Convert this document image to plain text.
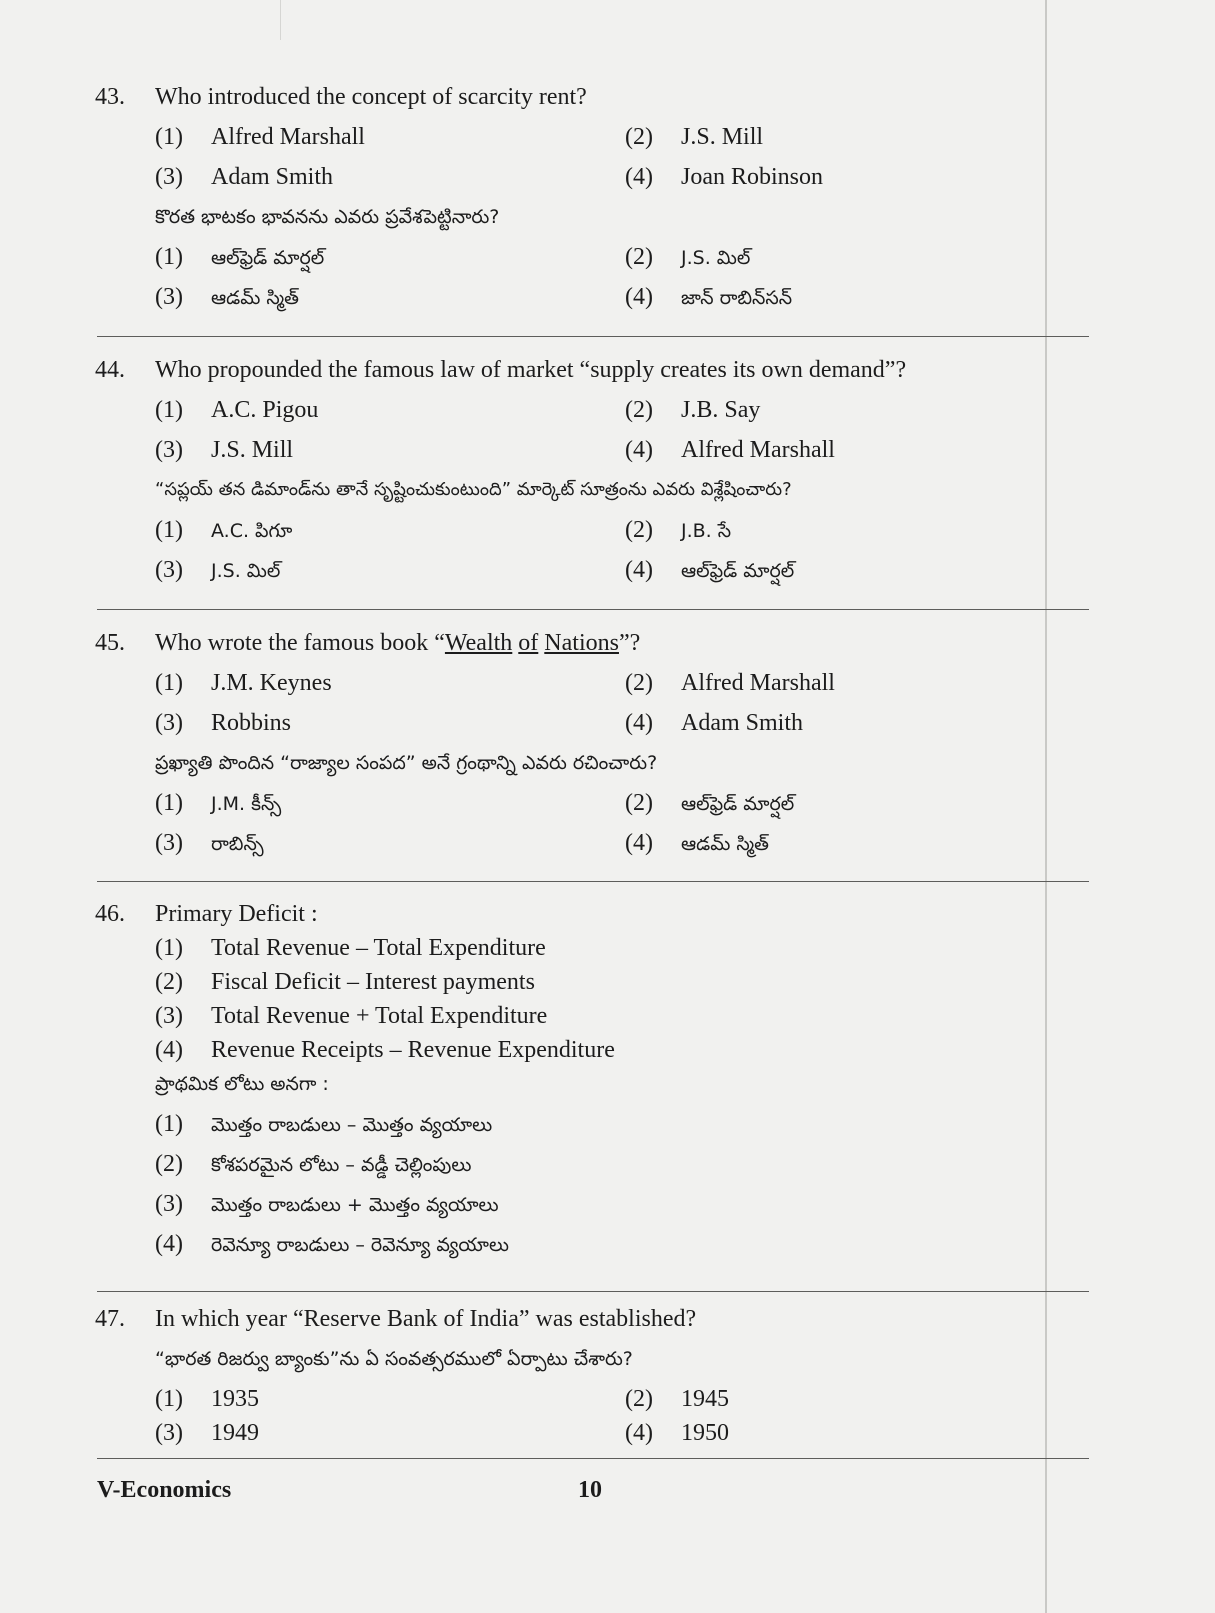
43. Who introduced the concept of scarcity rent?
(1) Alfred Marshall	(2) J.S. Mill
(3) Adam Smith	(4) Joan Robinson
కొరత భాటకం భావనను ఎవరు ప్రవేశపెట్టినారు?
(1) ఆల్‌ఫ్రెడ్ మార్షల్	(2) J.S. మిల్
(3) ఆడమ్ స్మిత్	(4) జాన్ రాబిన్‌సన్
44. Who propounded the famous law of market “supply creates its own demand”?
(1) A.C. Pigou	(2) J.B. Say
(3) J.S. Mill	(4) Alfred Marshall
“సప్లయ్ తన డిమాండ్‌ను తానే సృష్టించుకుంటుంది” మార్కెట్ సూత్రంను ఎవరు విశ్లేషించారు?
(1) A.C. పిగూ	(2) J.B. సే
(3) J.S. మిల్	(4) ఆల్‌ఫ్రెడ్ మార్షల్
45. Who wrote the famous book “Wealth of Nations”?
(1) J.M. Keynes	(2) Alfred Marshall
(3) Robbins	(4) Adam Smith
ప్రఖ్యాతి పొందిన “రాజ్యాల సంపద” అనే గ్రంథాన్ని ఎవరు రచించారు?
(1) J.M. కీన్స్	(2) ఆల్‌ఫ్రెడ్ మార్షల్
(3) రాబిన్స్	(4) ఆడమ్ స్మిత్
46. Primary Deficit :
(1) Total Revenue – Total Expenditure
(2) Fiscal Deficit – Interest payments
(3) Total Revenue + Total Expenditure
(4) Revenue Receipts – Revenue Expenditure
ప్రాథమిక లోటు అనగా :
(1) మొత్తం రాబడులు – మొత్తం వ్యయాలు
(2) కోశపరమైన లోటు – వడ్డీ చెల్లింపులు
(3) మొత్తం రాబడులు + మొత్తం వ్యయాలు
(4) రెవెన్యూ రాబడులు – రెవెన్యూ వ్యయాలు
47. In which year “Reserve Bank of India” was established?
“భారత రిజర్వు బ్యాంకు”ను ఏ సంవత్సరములో ఏర్పాటు చేశారు?
(1) 1935	(2) 1945
(3) 1949	(4) 1950
V-Economics	10
